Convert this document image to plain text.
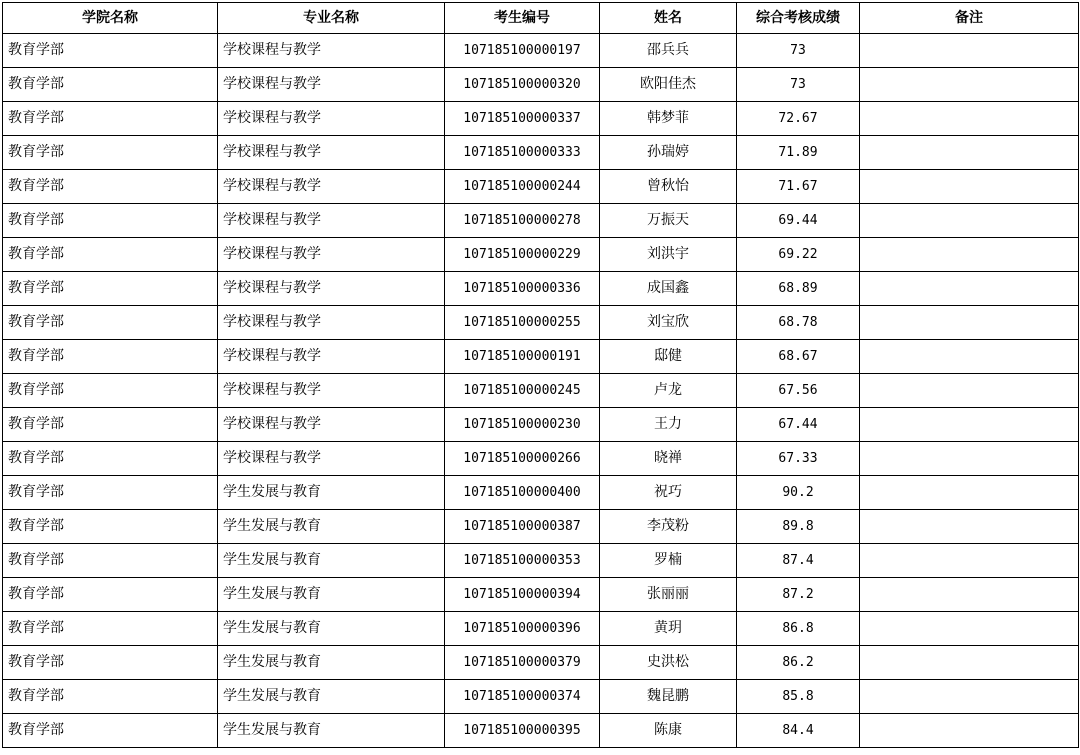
学院名称	专业名称	考生编号	姓名	综合考核成绩	备注
教育学部	学校课程与教学	107185100000197	邵兵兵	73	
教育学部	学校课程与教学	107185100000320	欧阳佳杰	73	
教育学部	学校课程与教学	107185100000337	韩梦菲	72.67	
教育学部	学校课程与教学	107185100000333	孙瑞婷	71.89	
教育学部	学校课程与教学	107185100000244	曾秋怡	71.67	
教育学部	学校课程与教学	107185100000278	万振天	69.44	
教育学部	学校课程与教学	107185100000229	刘洪宇	69.22	
教育学部	学校课程与教学	107185100000336	成国鑫	68.89	
教育学部	学校课程与教学	107185100000255	刘宝欣	68.78	
教育学部	学校课程与教学	107185100000191	邸健	68.67	
教育学部	学校课程与教学	107185100000245	卢龙	67.56	
教育学部	学校课程与教学	107185100000230	王力	67.44	
教育学部	学校课程与教学	107185100000266	晓禅	67.33	
教育学部	学生发展与教育	107185100000400	祝巧	90.2	
教育学部	学生发展与教育	107185100000387	李茂粉	89.8	
教育学部	学生发展与教育	107185100000353	罗楠	87.4	
教育学部	学生发展与教育	107185100000394	张丽丽	87.2	
教育学部	学生发展与教育	107185100000396	黄玥	86.8	
教育学部	学生发展与教育	107185100000379	史洪松	86.2	
教育学部	学生发展与教育	107185100000374	魏昆鹏	85.8	
教育学部	学生发展与教育	107185100000395	陈康	84.4	
